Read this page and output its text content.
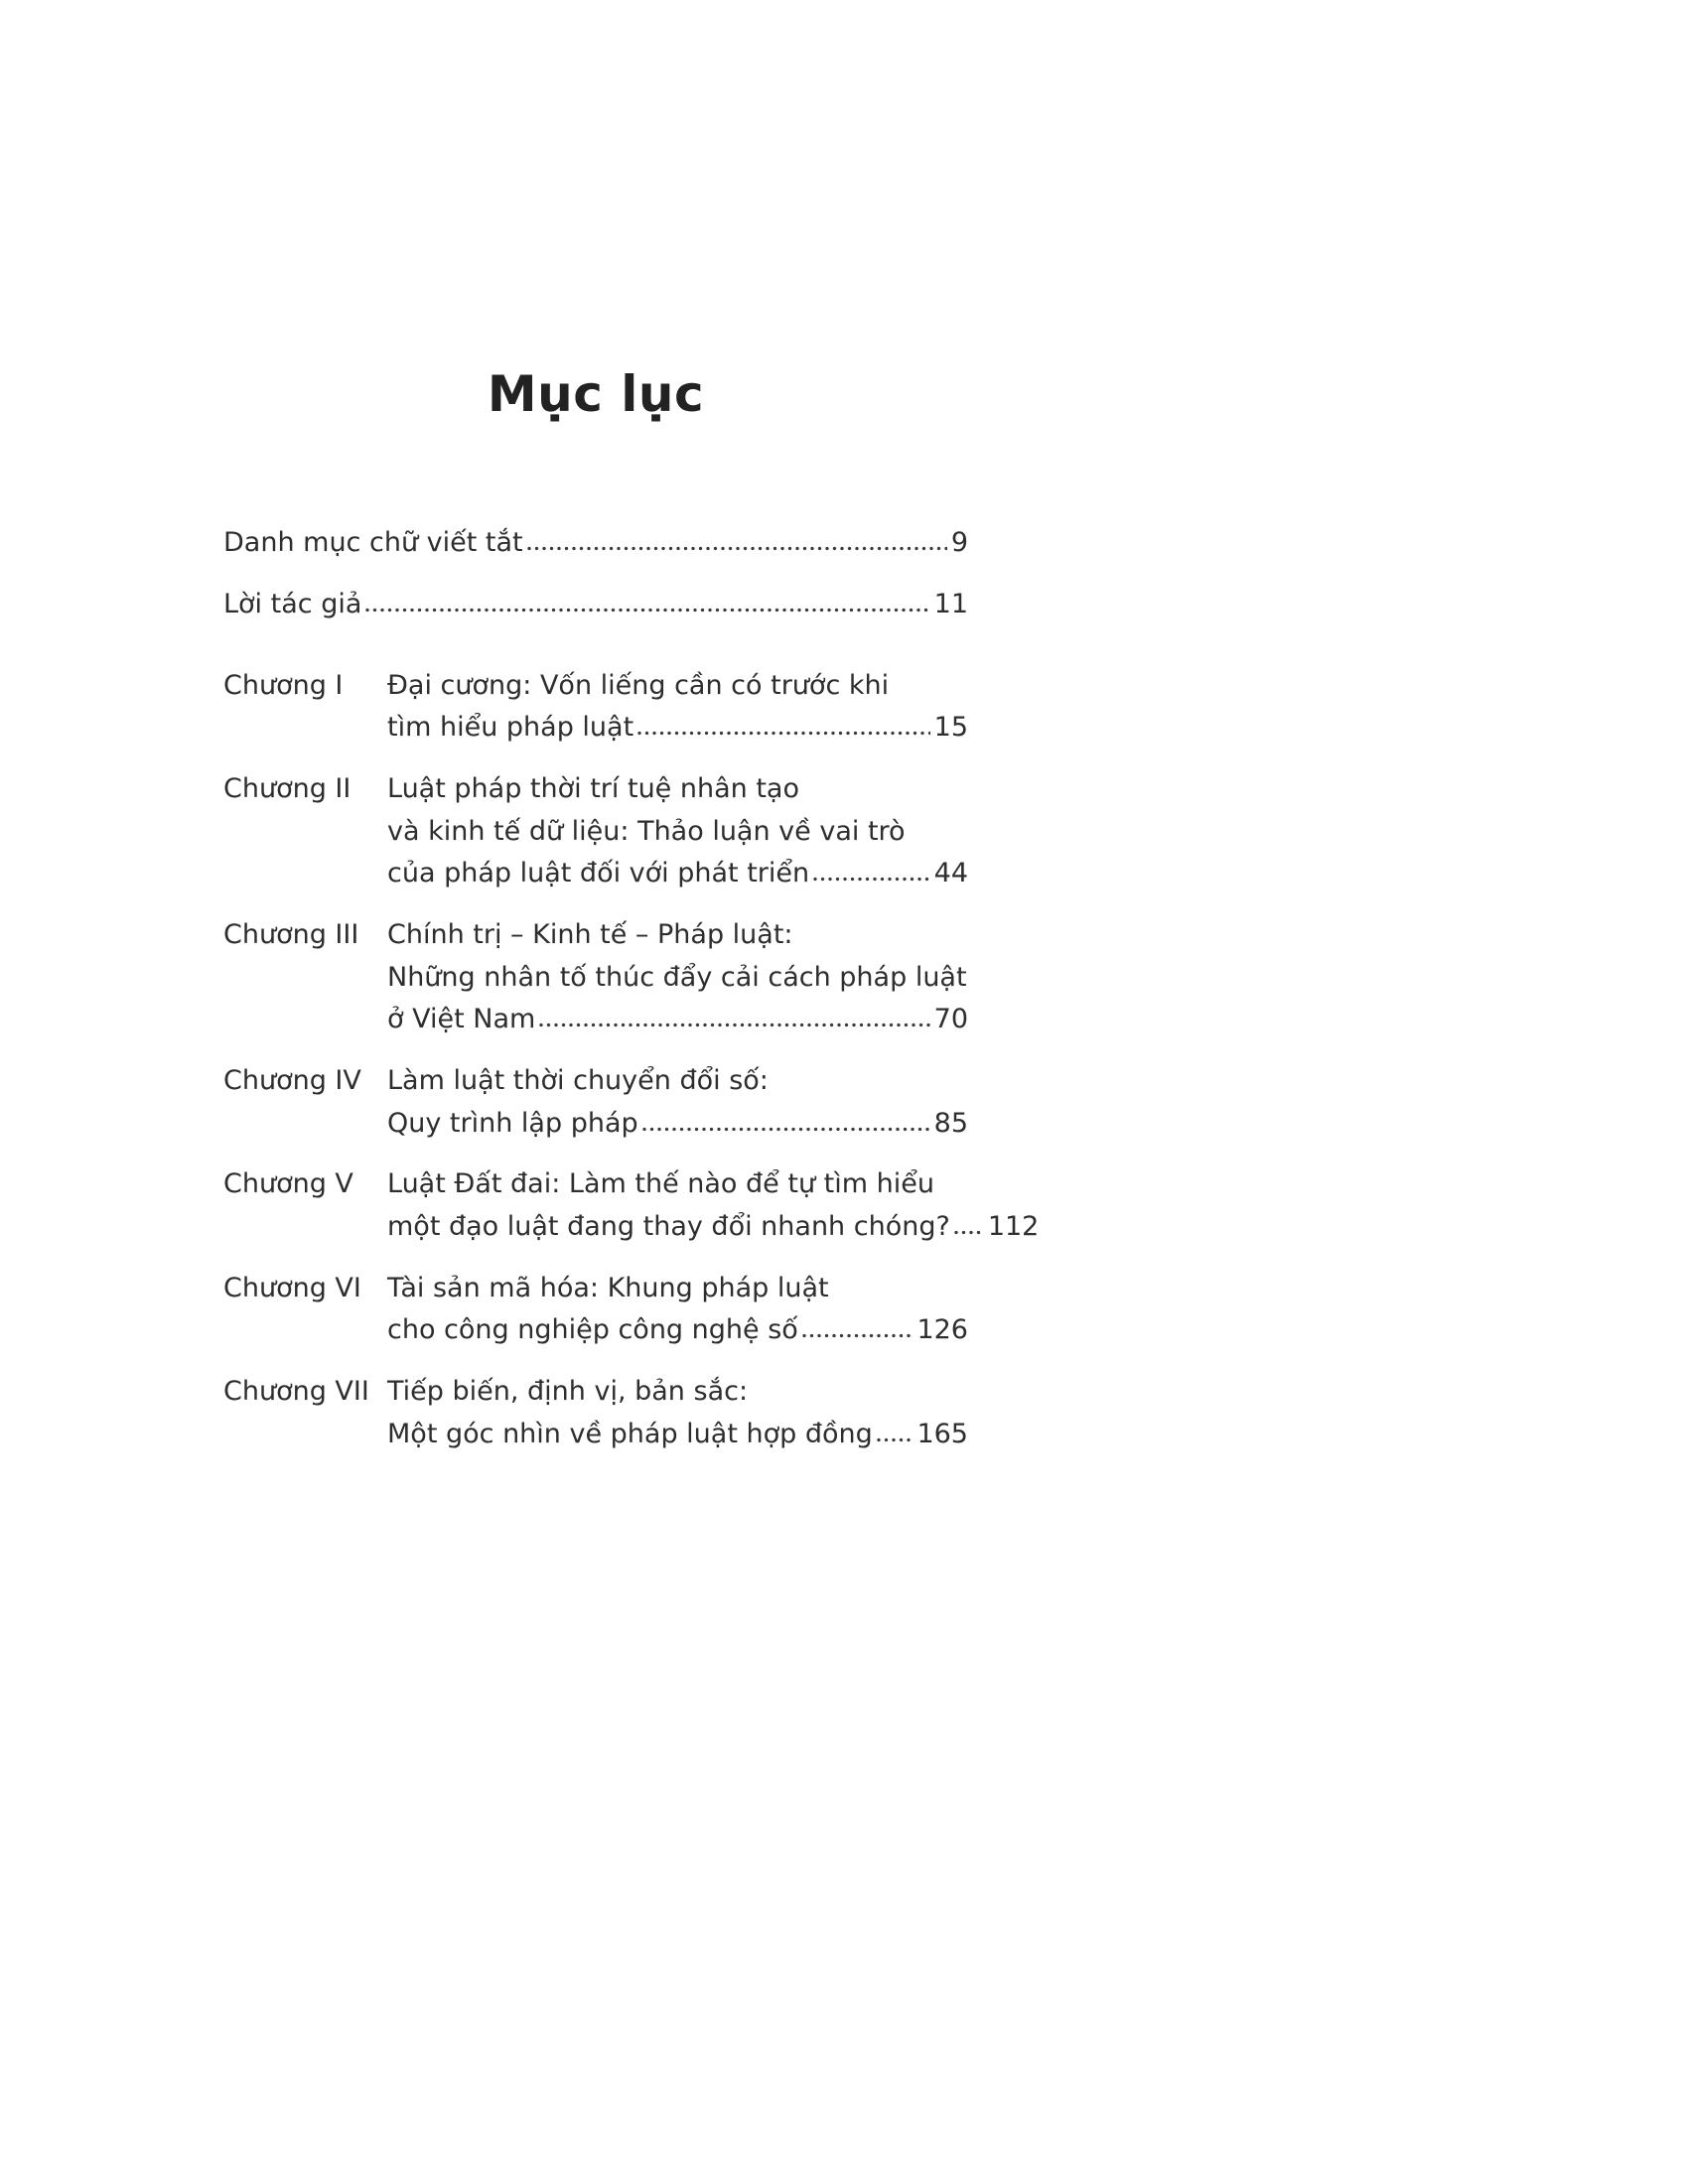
Mục lục
Danh mục chữ viết tắt	9
Lời tác giả	11
Chương I	Đại cương: Vốn liếng cần có trước khi
tìm hiểu pháp luật	15
Chương II	Luật pháp thời trí tuệ nhân tạo
và kinh tế dữ liệu: Thảo luận về vai trò
của pháp luật đối với phát triển	44
Chương III	Chính trị – Kinh tế – Pháp luật:
Những nhân tố thúc đẩy cải cách pháp luật
ở Việt Nam	70
Chương IV Làm luật thời chuyển đổi số:
Quy trình lập pháp	85
Chương V	Luật Đất đai: Làm thế nào để tự tìm hiểu
một đạo luật đang thay đổi nhanh chóng? 112
Chương VI Tài sản mã hóa: Khung pháp luật
cho công nghiệp công nghệ số	126
Chương VII Tiếp biến, định vị, bản sắc:
Một góc nhìn về pháp luật hợp đồng 165
